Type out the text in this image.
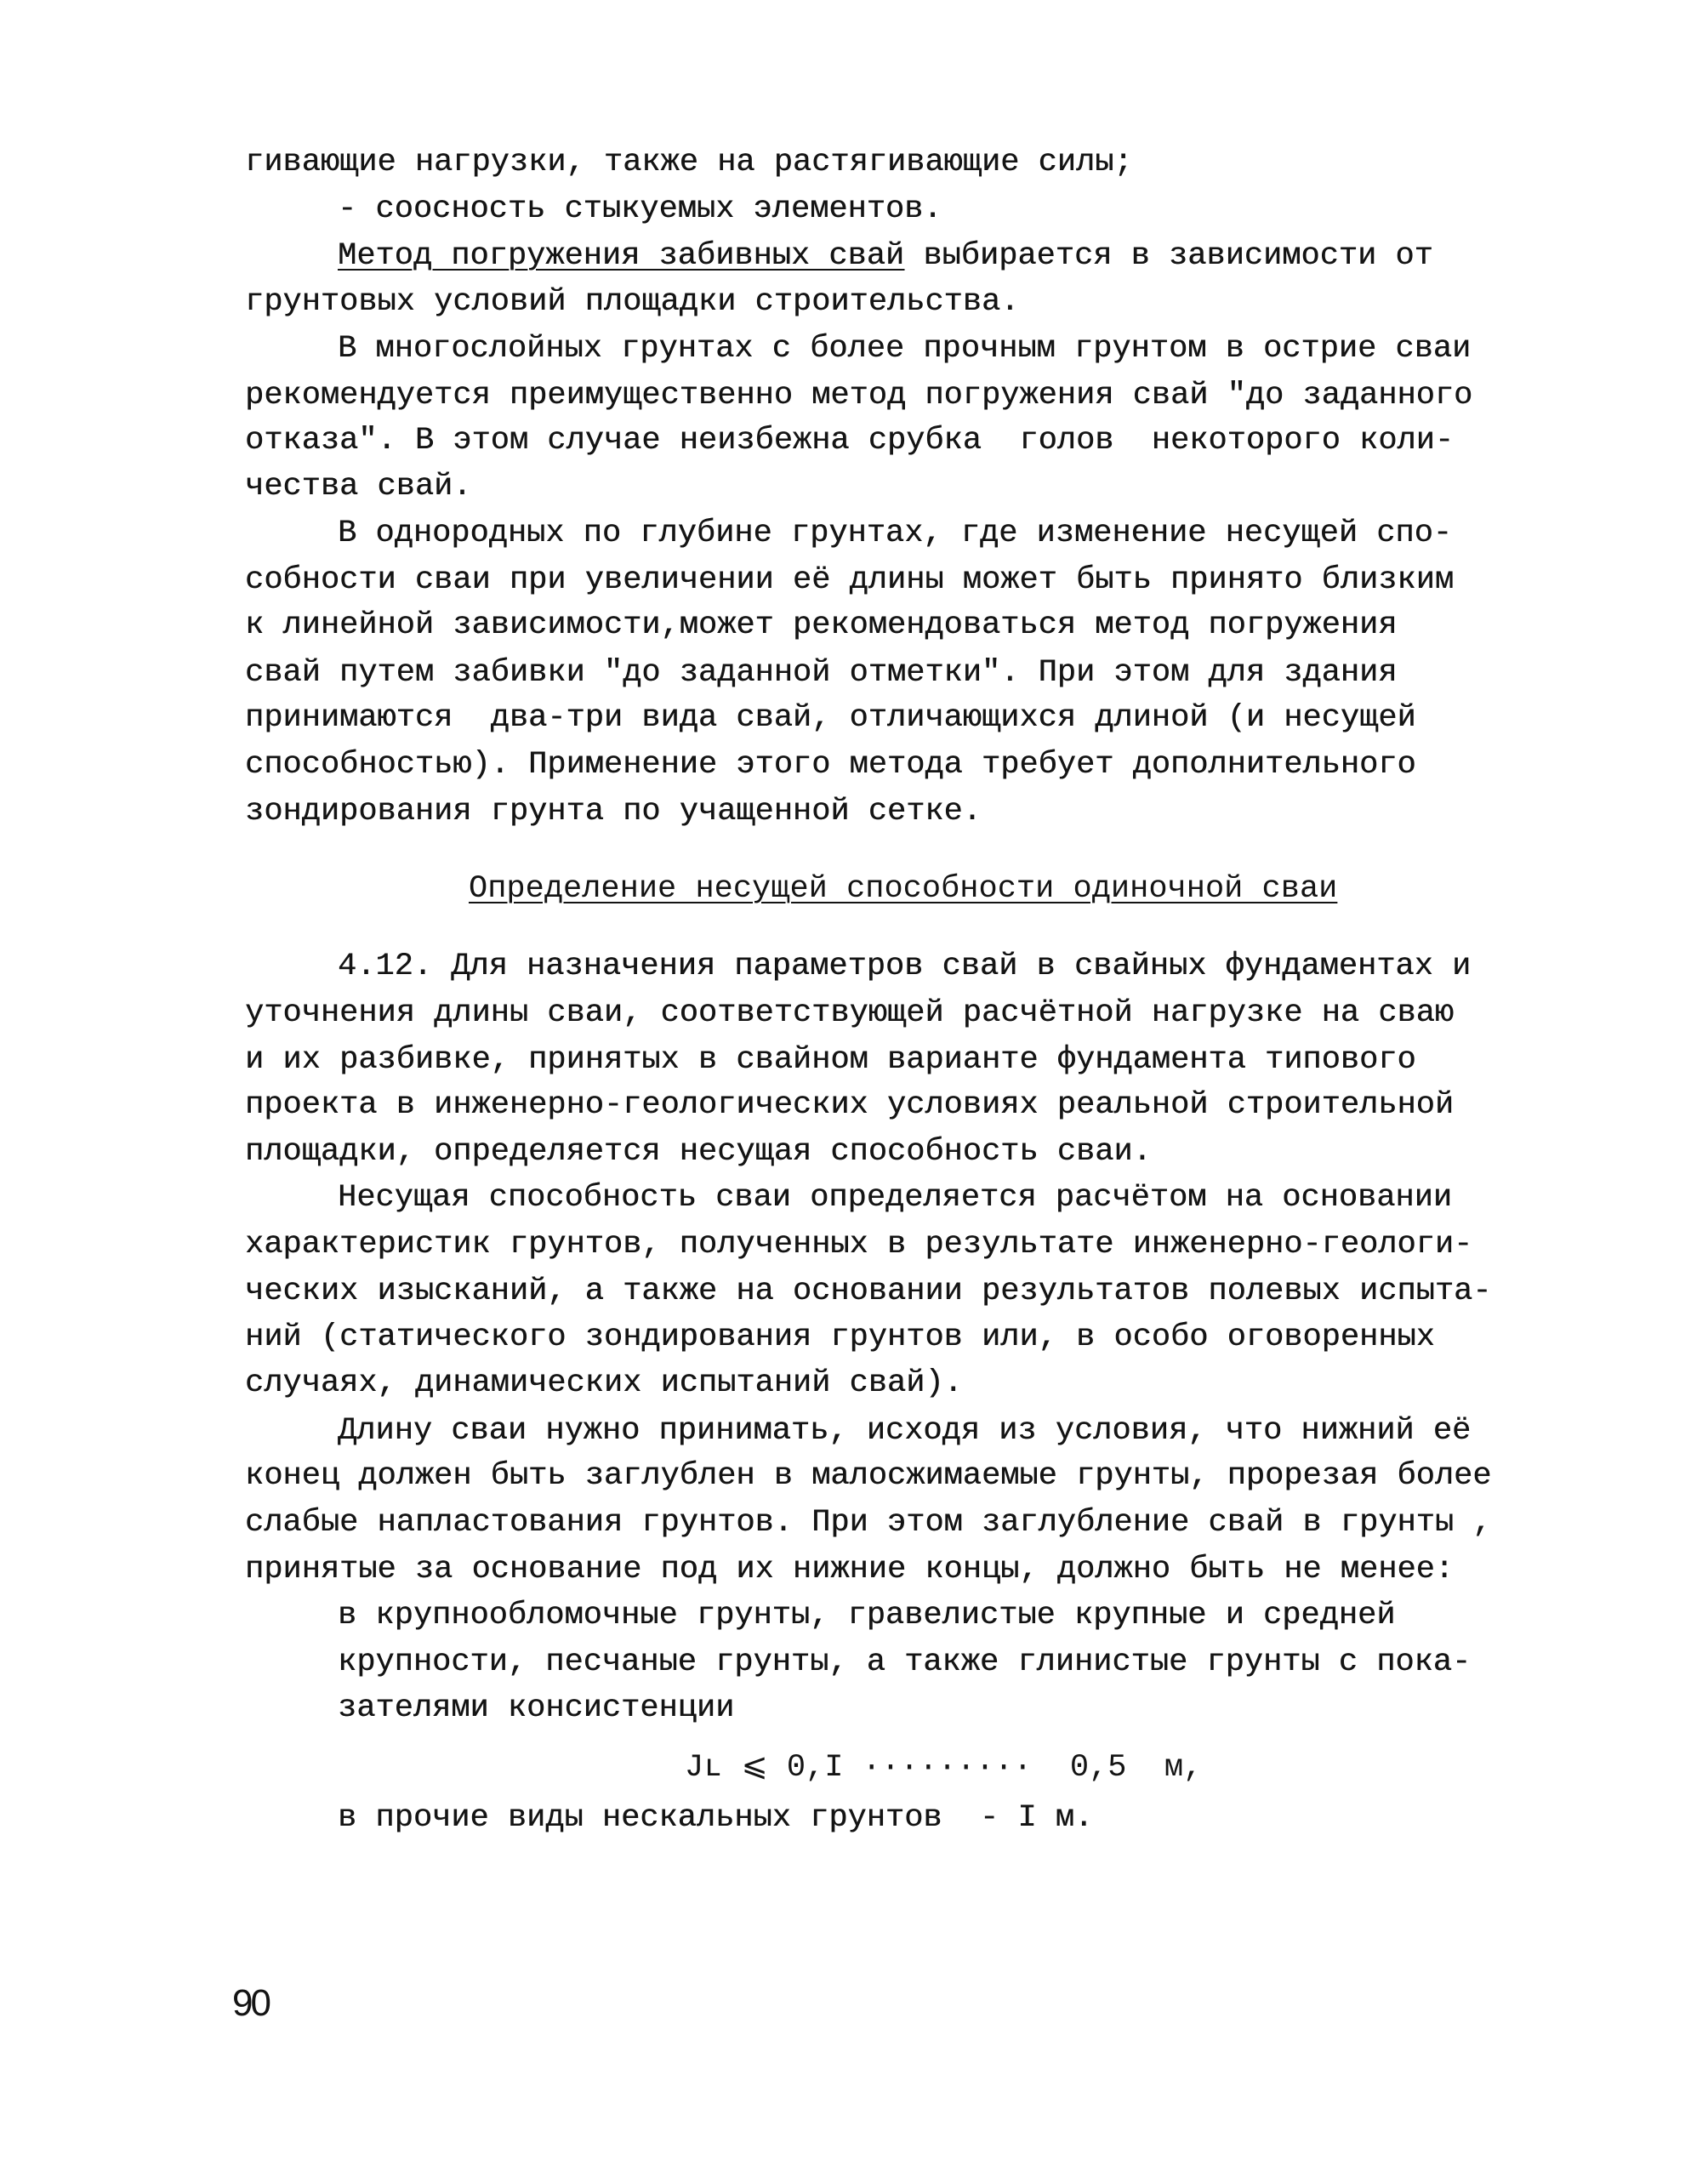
гивающие нагрузки, также на растягивающие силы;
- соосность стыкуемых элементов.
Метод погружения забивных свай выбирается в зависимости от
грунтовых условий площадки строительства.
В многослойных грунтах с более прочным грунтом в острие сваи
рекомендуется преимущественно метод погружения свай "до заданного
отказа". В этом случае неизбежна срубка  голов  некоторого коли-
чества свай.
В однородных по глубине грунтах, где изменение несущей спо-
собности сваи при увеличении её длины может быть принято близким
к линейной зависимости,может рекомендоваться метод погружения
свай путем забивки "до заданной отметки". При этом для здания
принимаются  два-три вида свай, отличающихся длиной (и несущей
способностью). Применение этого метода требует дополнительного
зондирования грунта по учащенной сетке.
4.12. Для назначения параметров свай в свайных фундаментах и
уточнения длины сваи, соответствующей расчётной нагрузке на сваю
и их разбивке, принятых в свайном варианте фундамента типового
проекта в инженерно-геологических условиях реальной строительной
площадки, определяется несущая способность сваи.
Несущая способность сваи определяется расчётом на основании
характеристик грунтов, полученных в результате инженерно-геологи-
ческих изысканий, а также на основании результатов полевых испыта-
ний (статического зондирования грунтов или, в особо оговоренных
случаях, динамических испытаний свай).
Длину сваи нужно принимать, исходя из условия, что нижний её
конец должен быть заглублен в малосжимаемые грунты, прорезая более
слабые напластования грунтов. При этом заглубление свай в грунты ,
принятые за основание под их нижние концы, должно быть не менее:
в крупнообломочные грунты, гравелистые крупные и средней
крупности, песчаные грунты, а также глинистые грунты с пока-
зателями консистенции
в прочие виды нескальных грунтов  - I м.
Определение несущей способности одиночной сваи
Jʟ ⩽ 0,I ·········  0,5  м,
90
